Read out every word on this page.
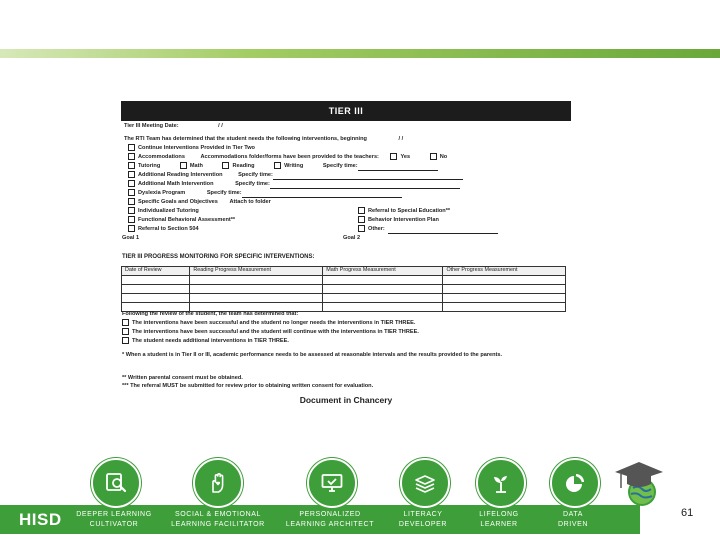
TIER III
Tier III Meeting Date:	/ /
The RTI Team has determined that the student needs the following interventions, beginning	/ /
Continue Interventions Provided in Tier Two
Accommodations	Accommodations folder/forms have been provided to the teachers:	Yes	No
Tutoring	Math	Reading	Writing	Specify time:
Additional Reading Intervention	Specify time:
Additional Math Intervention	Specify time:
Dyslexia Program	Specify time:
Specific Goals and Objectives Attach to folder
Individualized Tutoring
Functional Behavioral Assessment**
Referral to Section 504
Referral to Special Education**
Behavior Intervention Plan
Other:
Goal 1	Goal 2
TIER III PROGRESS MONITORING FOR SPECIFIC INTERVENTIONS:
Date of Review	Reading Progress Measurement	Math Progress Measurement	Other Progress Measurement

Following the review of the student, the team has determined that:
The interventions have been successful and the student no longer needs the interventions in TIER THREE.
The interventions have been successful and the student will continue with the interventions in TIER THREE.
The student needs additional interventions in TIER THREE.
* When a student is in Tier II or III, academic performance needs to be assessed at reasonable intervals and the results provided to the parents.
** Written parental consent must be obtained.
*** The referral MUST be submitted for review prior to obtaining written consent for evaluation.
Document in Chancery
HISD	DEEPER LEARNING
CULTIVATOR
SOCIAL & EMOTIONAL
LEARNING FACILITATOR
PERSONALIZED
LEARNING ARCHITECT
LITERACY
DEVELOPER
LIFELONG
LEARNER
DATA
DRIVEN
61
